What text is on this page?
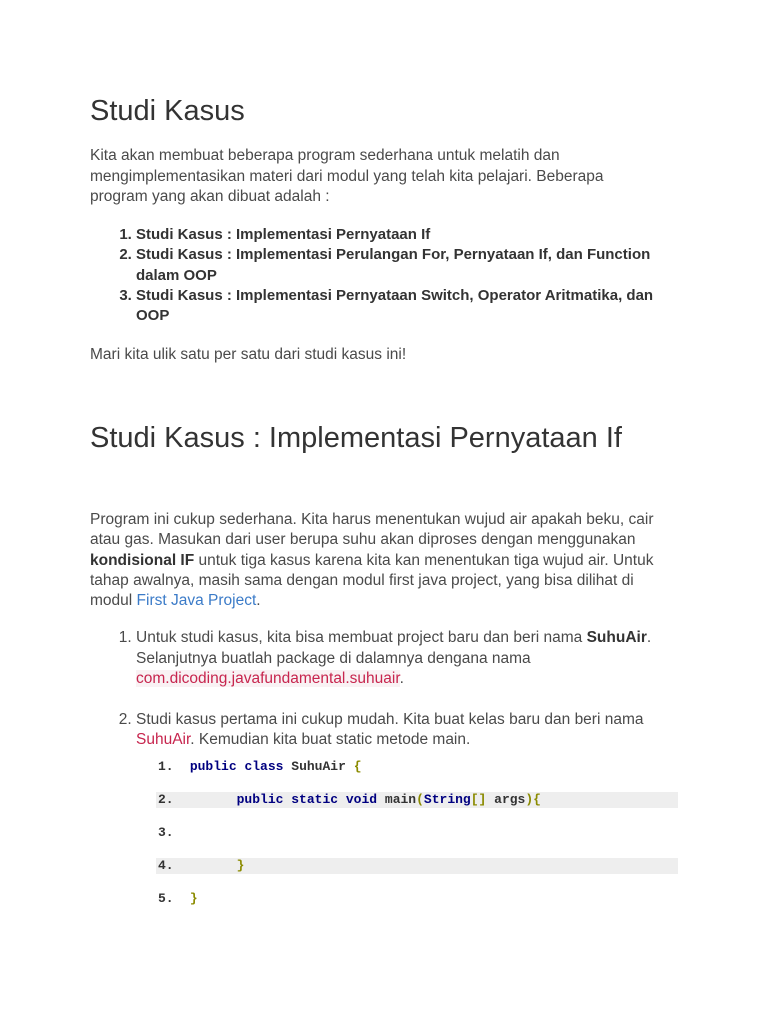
Studi Kasus

Kita akan membuat beberapa program sederhana untuk melatih dan mengimplementasikan materi dari modul yang telah kita pelajari. Beberapa program yang akan dibuat adalah :

1. Studi Kasus : Implementasi Pernyataan If
2. Studi Kasus : Implementasi Perulangan For, Pernyataan If, dan Function dalam OOP
3. Studi Kasus : Implementasi Pernyataan Switch, Operator Aritmatika, dan OOP

Mari kita ulik satu per satu dari studi kasus ini!

Studi Kasus : Implementasi Pernyataan If

Program ini cukup sederhana. Kita harus menentukan wujud air apakah beku, cair atau gas. Masukan dari user berupa suhu akan diproses dengan menggunakan kondisional IF untuk tiga kasus karena kita kan menentukan tiga wujud air. Untuk tahap awalnya, masih sama dengan modul first java project, yang bisa dilihat di modul First Java Project.

1. Untuk studi kasus, kita bisa membuat project baru dan beri nama SuhuAir. Selanjutnya buatlah package di dalamnya dengana nama com.dicoding.javafundamental.suhuair.
2. Studi kasus pertama ini cukup mudah. Kita buat kelas baru dan beri nama SuhuAir. Kemudian kita buat static metode main.
1. public class SuhuAir {
2.	public static void main(String[] args){
3.
4.	}
5. }
